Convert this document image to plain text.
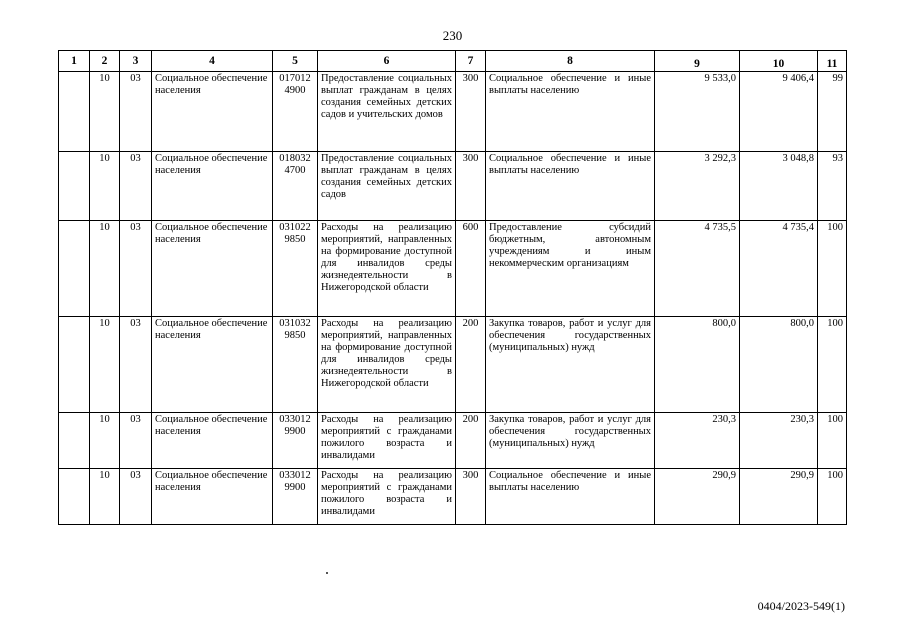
230
1	2	3	4	5	6	7	8	9	10	11
	10	03	Социальное обеспечение населения	0170124900	Предоставление социальных выплат гражданам в целях создания семейных детских садов и учительских домов	300	Социальное обеспечение и иные выплаты населению	9 533,0	9 406,4	99
	10	03	Социальное обеспечение населения	0180324700	Предоставление социальных выплат гражданам в целях создания семейных детских садов	300	Социальное обеспечение и иные выплаты населению	3 292,3	3 048,8	93
	10	03	Социальное обеспечение населения	0310229850	Расходы на реализацию мероприятий, направленных на формирование доступной для инвалидов среды жизнедеятельности в Нижегородской области	600	Предоставление субсидий бюджетным, автономным учреждениям и иным некоммерческим организациям	4 735,5	4 735,4	100
	10	03	Социальное обеспечение населения	0310329850	Расходы на реализацию мероприятий, направленных на формирование доступной для инвалидов среды жизнедеятельности в Нижегородской области	200	Закупка товаров, работ и услуг для обеспечения государственных (муниципальных) нужд	800,0	800,0	100
	10	03	Социальное обеспечение населения	0330129900	Расходы на реализацию мероприятий с гражданами пожилого возраста и инвалидами	200	Закупка товаров, работ и услуг для обеспечения государственных (муниципальных) нужд	230,3	230,3	100
	10	03	Социальное обеспечение населения	0330129900	Расходы на реализацию мероприятий с гражданами пожилого возраста и инвалидами	300	Социальное обеспечение и иные выплаты населению	290,9	290,9	100
0404/2023-549(1)
